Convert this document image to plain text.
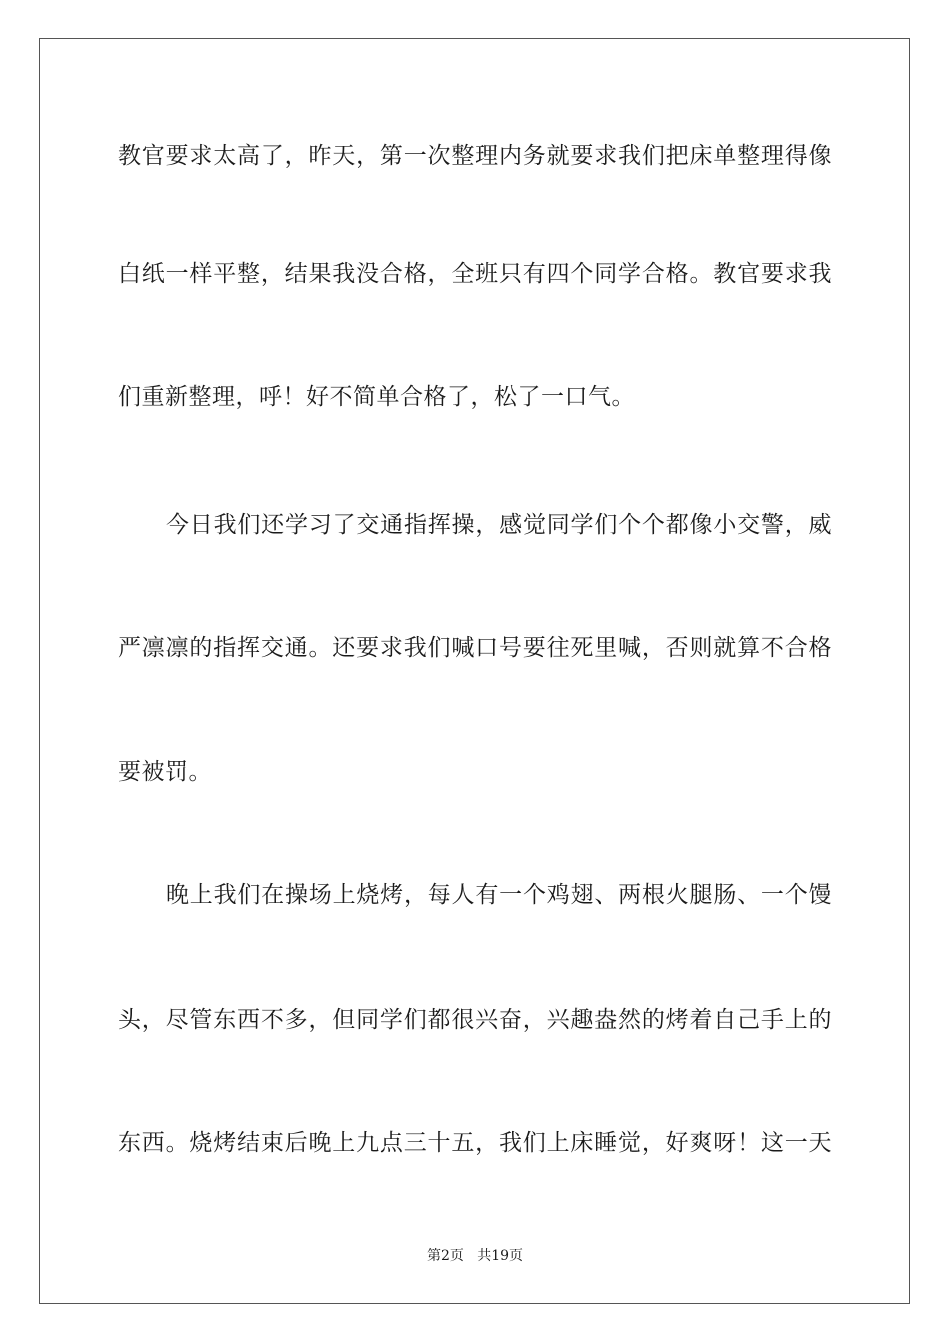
教官要求太高了，昨天，第一次整理内务就要求我们把床单整理得像
白纸一样平整，结果我没合格，全班只有四个同学合格。教官要求我
们重新整理，呼！好不简单合格了，松了一口气。
今日我们还学习了交通指挥操，感觉同学们个个都像小交警，威
严凛凛的指挥交通。还要求我们喊口号要往死里喊，否则就算不合格
要被罚。
晚上我们在操场上烧烤，每人有一个鸡翅、两根火腿肠、一个馒
头，尽管东西不多，但同学们都很兴奋，兴趣盎然的烤着自己手上的
东西。烧烤结束后晚上九点三十五，我们上床睡觉，好爽呀！这一天
第2页   共19页
